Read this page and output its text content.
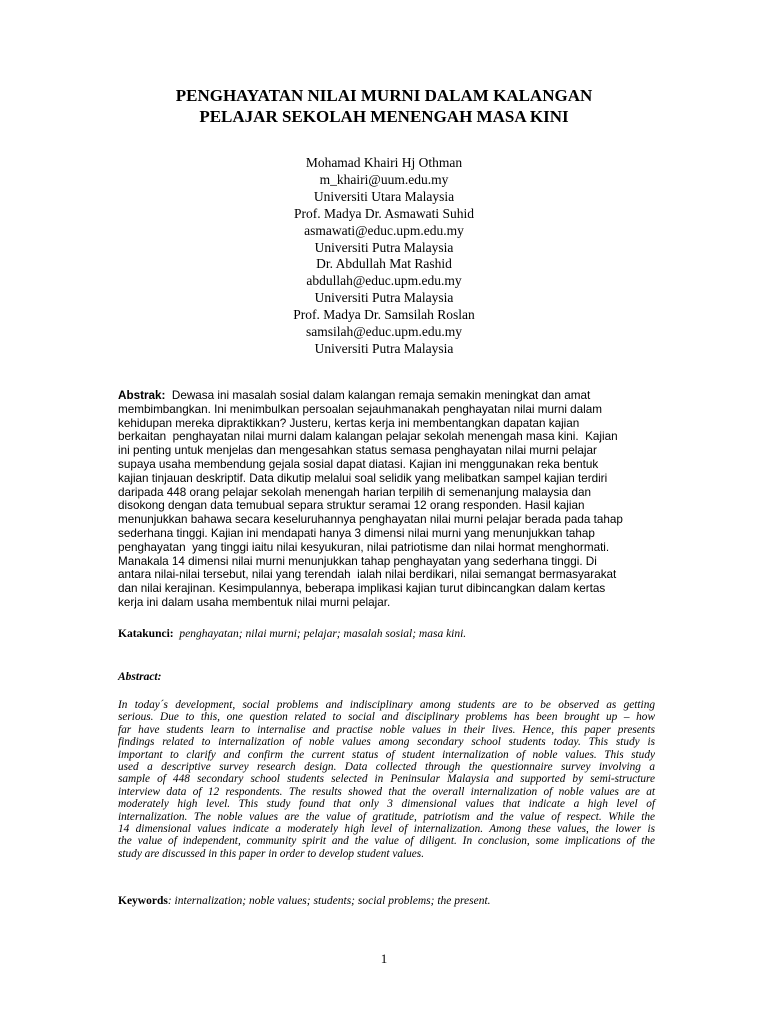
PENGHAYATAN NILAI MURNI DALAM KALANGAN
PELAJAR SEKOLAH MENENGAH MASA KINI
Mohamad Khairi Hj Othman
m_khairi@uum.edu.my
Universiti Utara Malaysia
Prof. Madya Dr. Asmawati Suhid
asmawati@educ.upm.edu.my
Universiti Putra Malaysia
Dr. Abdullah Mat Rashid
abdullah@educ.upm.edu.my
Universiti Putra Malaysia
Prof. Madya Dr. Samsilah Roslan
samsilah@educ.upm.edu.my
Universiti Putra Malaysia
Abstrak:  Dewasa ini masalah sosial dalam kalangan remaja semakin meningkat dan amat
membimbangkan. Ini menimbulkan persoalan sejauhmanakah penghayatan nilai murni dalam
kehidupan mereka dipraktikkan? Justeru, kertas kerja ini membentangkan dapatan kajian
berkaitan  penghayatan nilai murni dalam kalangan pelajar sekolah menengah masa kini.  Kajian
ini penting untuk menjelas dan mengesahkan status semasa penghayatan nilai murni pelajar
supaya usaha membendung gejala sosial dapat diatasi. Kajian ini menggunakan reka bentuk
kajian tinjauan deskriptif. Data dikutip melalui soal selidik yang melibatkan sampel kajian terdiri
daripada 448 orang pelajar sekolah menengah harian terpilih di semenanjung malaysia dan
disokong dengan data temubual separa struktur seramai 12 orang responden. Hasil kajian
menunjukkan bahawa secara keseluruhannya penghayatan nilai murni pelajar berada pada tahap
sederhana tinggi. Kajian ini mendapati hanya 3 dimensi nilai murni yang menunjukkan tahap
penghayatan  yang tinggi iaitu nilai kesyukuran, nilai patriotisme dan nilai hormat menghormati.
Manakala 14 dimensi nilai murni menunjukkan tahap penghayatan yang sederhana tinggi. Di
antara nilai-nilai tersebut, nilai yang terendah  ialah nilai berdikari, nilai semangat bermasyarakat
dan nilai kerajinan. Kesimpulannya, beberapa implikasi kajian turut dibincangkan dalam kertas
kerja ini dalam usaha membentuk nilai murni pelajar.
Katakunci:  penghayatan; nilai murni; pelajar; masalah sosial; masa kini.
Abstract:
In today´s development, social problems and indisciplinary among students are to be observed as getting
serious. Due to this, one question related to social and disciplinary problems has been brought up – how
far have students learn to internalise and practise noble values in their lives. Hence, this paper presents
findings related to internalization of noble values among secondary school students today. This study is
important to clarify and confirm the current status of student internalization of noble values. This study
used a descriptive survey research design. Data collected through the questionnaire survey involving a
sample of 448 secondary school students selected in Peninsular Malaysia and supported by semi-structure
interview data of 12 respondents. The results showed that the overall internalization of noble values are at
moderately high level. This study found that only 3 dimensional values that indicate a high level of
internalization. The noble values are the value of gratitude, patriotism and the value of respect. While the
14 dimensional values indicate a moderately high level of internalization. Among these values, the lower is
the value of independent, community spirit and the value of diligent. In conclusion, some implications of the
study are discussed in this paper in order to develop student values.
Keywords: internalization; noble values; students; social problems; the present.
1
